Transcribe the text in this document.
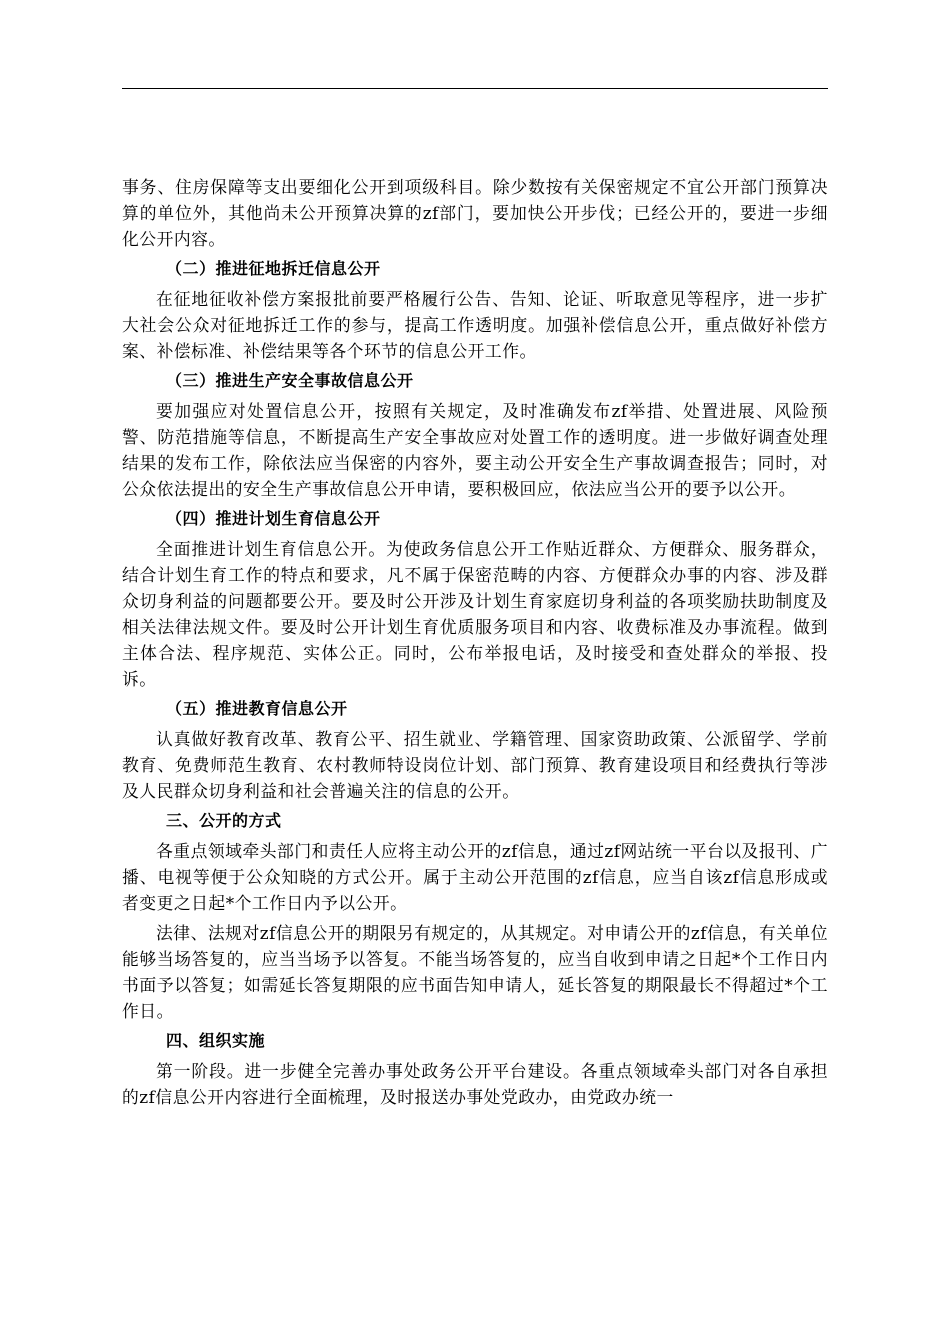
事务、住房保障等支出要细化公开到项级科目。除少数按有关保密规定不宜公开部门预算决算的单位外，其他尚未公开预算决算的zf部门，要加快公开步伐；已经公开的，要进一步细化公开内容。

（二）推进征地拆迁信息公开

在征地征收补偿方案报批前要严格履行公告、告知、论证、听取意见等程序，进一步扩大社会公众对征地拆迁工作的参与，提高工作透明度。加强补偿信息公开，重点做好补偿方案、补偿标准、补偿结果等各个环节的信息公开工作。

（三）推进生产安全事故信息公开

要加强应对处置信息公开，按照有关规定，及时准确发布zf举措、处置进展、风险预警、防范措施等信息，不断提高生产安全事故应对处置工作的透明度。进一步做好调查处理结果的发布工作，除依法应当保密的内容外，要主动公开安全生产事故调查报告；同时，对公众依法提出的安全生产事故信息公开申请，要积极回应，依法应当公开的要予以公开。

（四）推进计划生育信息公开

全面推进计划生育信息公开。为使政务信息公开工作贴近群众、方便群众、服务群众，结合计划生育工作的特点和要求，凡不属于保密范畴的内容、方便群众办事的内容、涉及群众切身利益的问题都要公开。要及时公开涉及计划生育家庭切身利益的各项奖励扶助制度及相关法律法规文件。要及时公开计划生育优质服务项目和内容、收费标准及办事流程。做到主体合法、程序规范、实体公正。同时，公布举报电话，及时接受和查处群众的举报、投诉。

（五）推进教育信息公开

认真做好教育改革、教育公平、招生就业、学籍管理、国家资助政策、公派留学、学前教育、免费师范生教育、农村教师特设岗位计划、部门预算、教育建设项目和经费执行等涉及人民群众切身利益和社会普遍关注的信息的公开。

三、公开的方式

各重点领域牵头部门和责任人应将主动公开的zf信息，通过zf网站统一平台以及报刊、广播、电视等便于公众知晓的方式公开。属于主动公开范围的zf信息，应当自该zf信息形成或者变更之日起*个工作日内予以公开。

法律、法规对zf信息公开的期限另有规定的，从其规定。对申请公开的zf信息，有关单位能够当场答复的，应当当场予以答复。不能当场答复的，应当自收到申请之日起*个工作日内书面予以答复；如需延长答复期限的应书面告知申请人，延长答复的期限最长不得超过*个工作日。

四、组织实施

第一阶段。进一步健全完善办事处政务公开平台建设。各重点领域牵头部门对各自承担的zf信息公开内容进行全面梳理，及时报送办事处党政办，由党政办统一
